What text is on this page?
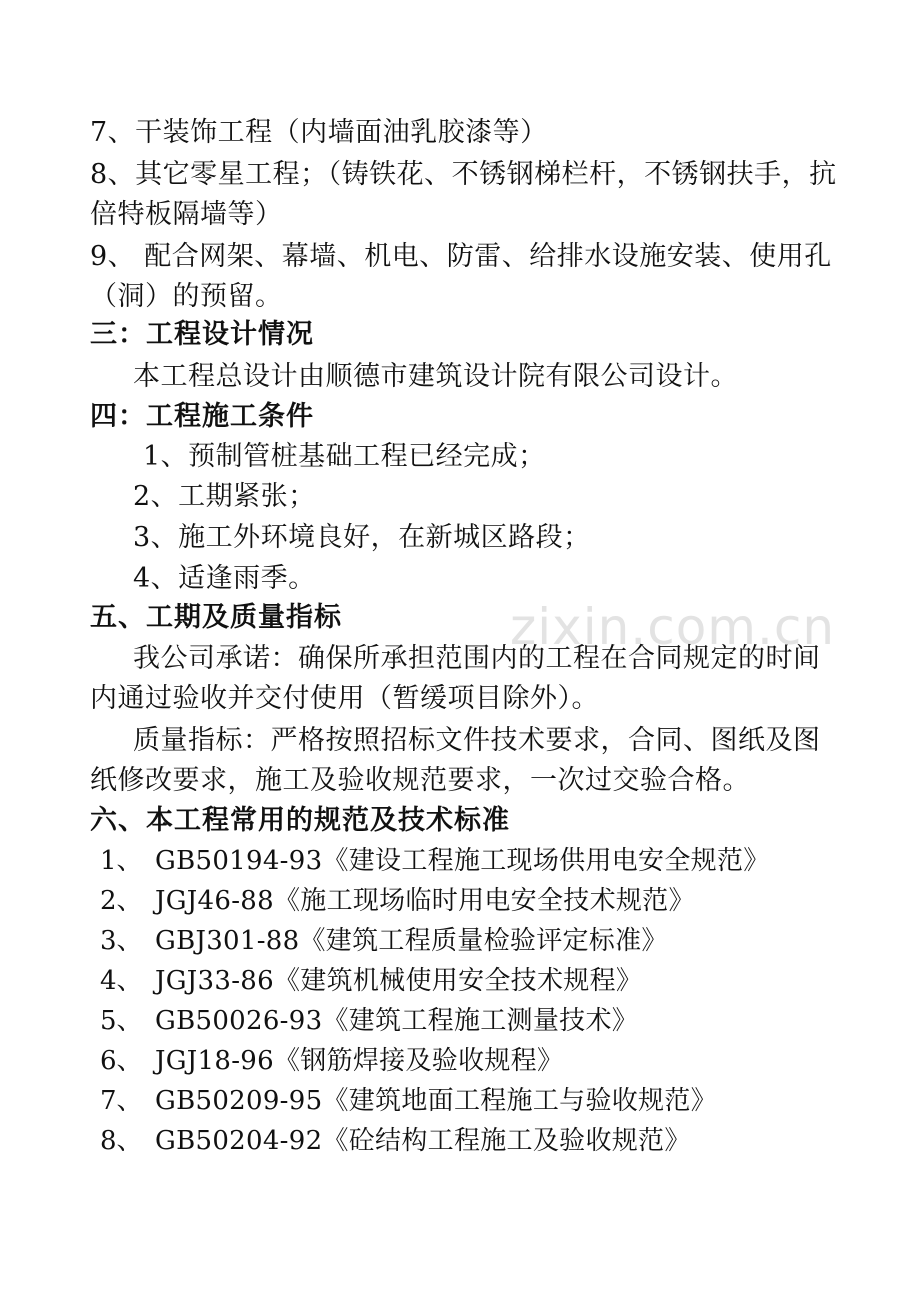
zixin.com.cn
7、干装饰工程（内墙面油乳胶漆等）
8、其它零星工程；（铸铁花、不锈钢梯栏杆，不锈钢扶手，抗
倍特板隔墙等）
9、 配合网架、幕墙、机电、防雷、给排水设施安装、使用孔
（洞）的预留。
三：工程设计情况
本工程总设计由顺德市建筑设计院有限公司设计。
四：工程施工条件
1、预制管桩基础工程已经完成；
2、工期紧张；
3、施工外环境良好，在新城区路段；
4、适逢雨季。
五、工期及质量指标
我公司承诺：确保所承担范围内的工程在合同规定的时间
内通过验收并交付使用（暂缓项目除外）。
质量指标：严格按照招标文件技术要求，合同、图纸及图
纸修改要求，施工及验收规范要求，一次过交验合格。
六、本工程常用的规范及技术标准
1、 GB50194-93《建设工程施工现场供用电安全规范》
2、 JGJ46-88《施工现场临时用电安全技术规范》
3、 GBJ301-88《建筑工程质量检验评定标准》
4、 JGJ33-86《建筑机械使用安全技术规程》
5、 GB50026-93《建筑工程施工测量技术》
6、 JGJ18-96《钢筋焊接及验收规程》
7、 GB50209-95《建筑地面工程施工与验收规范》
8、 GB50204-92《砼结构工程施工及验收规范》
